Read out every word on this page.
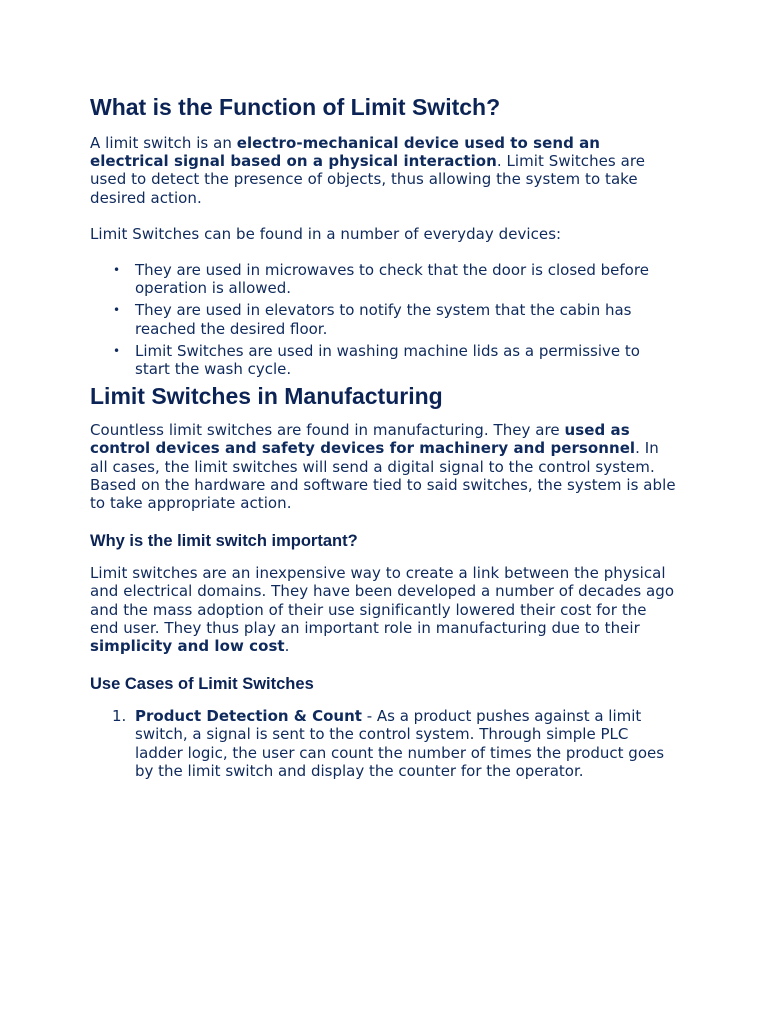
What is the Function of Limit Switch?

A limit switch is an electro-mechanical device used to send an electrical signal based on a physical interaction. Limit Switches are used to detect the presence of objects, thus allowing the system to take desired action.

Limit Switches can be found in a number of everyday devices:

• They are used in microwaves to check that the door is closed before operation is allowed.
• They are used in elevators to notify the system that the cabin has reached the desired floor.
• Limit Switches are used in washing machine lids as a permissive to start the wash cycle.
Limit Switches in Manufacturing

Countless limit switches are found in manufacturing. They are used as control devices and safety devices for machinery and personnel. In all cases, the limit switches will send a digital signal to the control system. Based on the hardware and software tied to said switches, the system is able to take appropriate action.

Why is the limit switch important?

Limit switches are an inexpensive way to create a link between the physical and electrical domains. They have been developed a number of decades ago and the mass adoption of their use significantly lowered their cost for the end user. They thus play an important role in manufacturing due to their simplicity and low cost.

Use Cases of Limit Switches
1. Product Detection & Count - As a product pushes against a limit switch, a signal is sent to the control system. Through simple PLC ladder logic, the user can count the number of times the product goes by the limit switch and display the counter for the operator.
